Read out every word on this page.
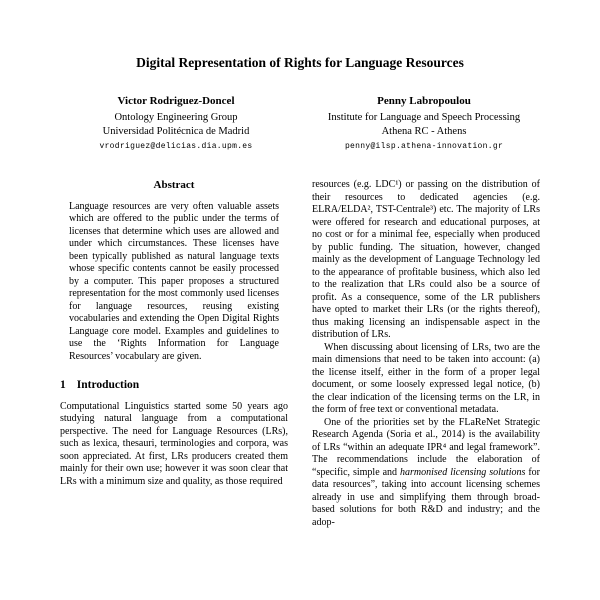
Digital Representation of Rights for Language Resources
Victor Rodriguez-Doncel
Ontology Engineering Group
Universidad Politécnica de Madrid
vrodriguez@delicias.dia.upm.es
Penny Labropoulou
Institute for Language and Speech Processing
Athena RC - Athens
penny@ilsp.athena-innovation.gr
Abstract

Language resources are very often valuable assets which are offered to the public under the terms of licenses that determine which uses are allowed and under which circumstances. These licenses have been typically published as natural language texts whose specific contents cannot be easily processed by a computer. This paper proposes a structured representation for the most commonly used licenses for language resources, reusing existing vocabularies and extending the Open Digital Rights Language core model. Examples and guidelines to use the ‘Rights Information for Language Resources’ vocabulary are given.

1 Introduction

Computational Linguistics started some 50 years ago studying natural language from a computational perspective. The need for Language Resources (LRs), such as lexica, thesauri, terminologies and corpora, was soon appreciated. At first, LRs producers created them mainly for their own use; however it was soon clear that LRs with a minimum size and quality, as those required

resources (e.g. LDC¹) or passing on the distribution of their resources to dedicated agencies (e.g. ELRA/ELDA², TST-Centrale³) etc. The majority of LRs were offered for research and educational purposes, at no cost or for a minimal fee, especially when produced by public funding. The situation, however, changed mainly as the development of Language Technology led to the appearance of profitable business, which also led to the realization that LRs could also be a source of profit. As a consequence, some of the LR publishers have opted to market their LRs (or the rights thereof), thus making licensing an indispensable aspect in the distribution of LRs.

When discussing about licensing of LRs, two are the main dimensions that need to be taken into account: (a) the license itself, either in the form of a proper legal document, or some loosely expressed legal notice, (b) the clear indication of the licensing terms on the LR, in the form of free text or conventional metadata.

One of the priorities set by the FLaReNet Strategic Research Agenda (Soria et al., 2014) is the availability of LRs “within an adequate IPR⁴ and legal framework”. The recommendations include the elaboration of “specific, simple and harmonised licensing solutions for data resources”, taking into account licensing schemes already in use and simplifying them through broad-based solutions for both R&D and industry; and the adop-
